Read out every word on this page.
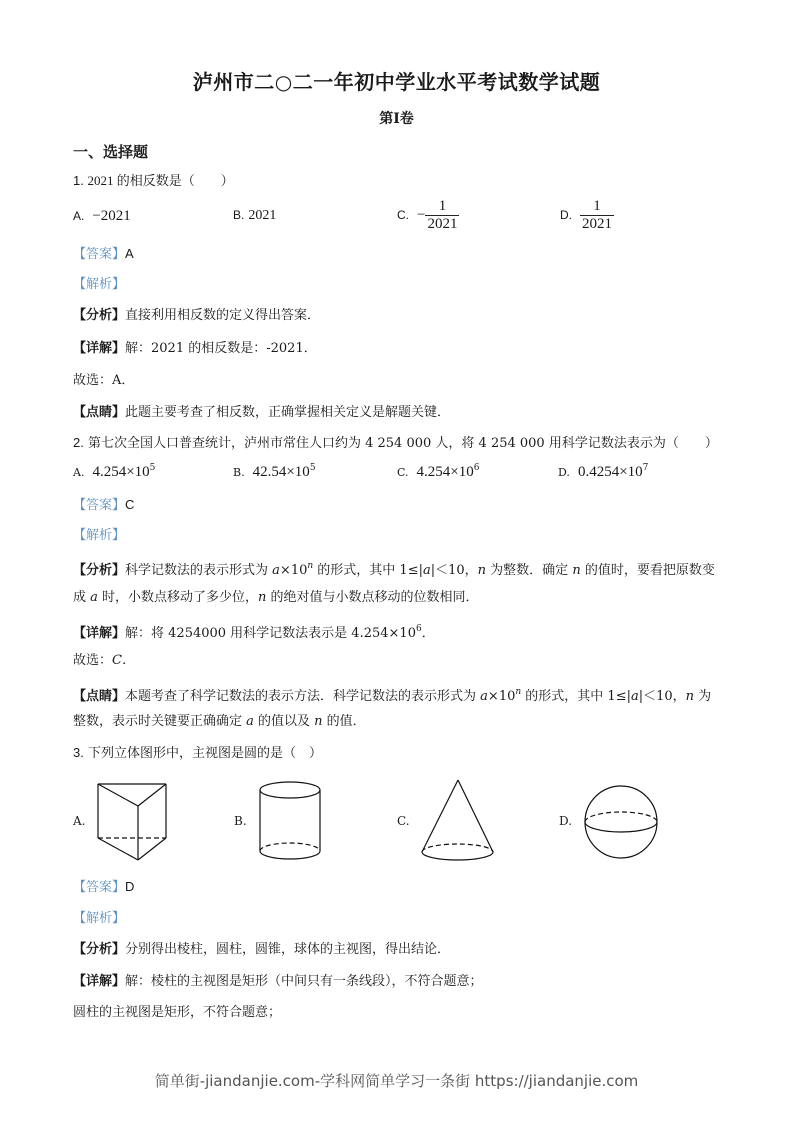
泸州市二○二一年初中学业水平考试数学试题
第I卷
一、选择题
1. 2021 的相反数是（　　）
A. −2021	B. 2021	C. − $\frac{1}{2021}$	D. $\frac{1}{2021}$
【答案】A
【解析】
【分析】直接利用相反数的定义得出答案．
【详解】解：2021 的相反数是：-2021．
故选：A．
【点睛】此题主要考查了相反数，正确掌握相关定义是解题关键．
2. 第七次全国人口普查统计，泸州市常住人口约为 4 254 000 人，将 4 254 000 用科学记数法表示为（　　）
A. $4.254\times 10^5$	B. $42.54\times 10^5$	C. $4.254\times 10^6$	D. $0.4254\times 10^7$
【答案】C
【解析】
【分析】科学记数法的表示形式为 $a\times 10^n$ 的形式，其中 1≤|a|＜10，n 为整数．确定 n 的值时，要看把原数变
成 a 时，小数点移动了多少位，n 的绝对值与小数点移动的位数相同．
【详解】解：将 4254000 用科学记数法表示是 $4.254\times 10^6$．
故选：C．
【点睛】本题考查了科学记数法的表示方法．科学记数法的表示形式为 $a\times 10^n$ 的形式，其中 1≤|a|＜10，n 为
整数，表示时关键要正确确定 a 的值以及 n 的值．
3. 下列立体图形中，主视图是圆的是（　）
A.	B.	C.	D.
【答案】D
【解析】
【分析】分别得出棱柱，圆柱，圆锥，球体的主视图，得出结论．
【详解】解：棱柱的主视图是矩形（中间只有一条线段），不符合题意；
圆柱的主视图是矩形，不符合题意；
简单街-jiandanjie.com-学科网简单学习一条街 https://jiandanjie.com
